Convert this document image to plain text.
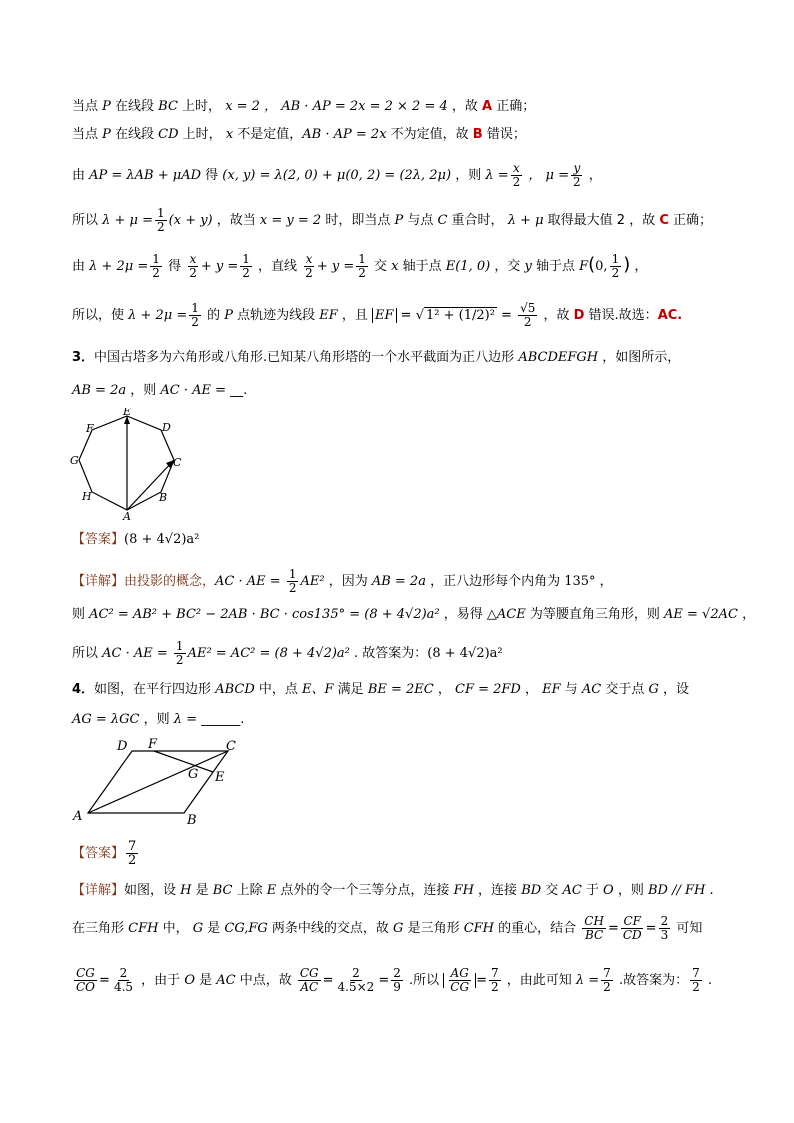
当点 P 在线段 BC 上时， x = 2 ， AB · AP = 2x = 2 × 2 = 4 ，故 A 正确；
当点 P 在线段 CD 上时， x 不是定值，AB · AP = 2x 不为定值，故 B 错误；
由 AP = λAB + μAD 得 (x, y) = λ(2, 0) + μ(0, 2) = (2λ, 2μ) ，则 $\lambda = \frac{x}{2}$ ， $\mu = \frac{y}{2}$ ，
所以 $\lambda + \mu = \frac{1}{2} (x + y)$ ，故当 x = y = 2 时，即当点 P 与点 C 重合时， λ + μ 取得最大值 2 ，故 C 正确；
由 $\lambda + 2\mu = \frac{1}{2}$ 得 $\frac{x}{2} + y = \frac{1}{2}$ ，直线 $\frac{x}{2} + y = \frac{1}{2}$ 交 x 轴于点 E(1, 0) ，交 y 轴于点 F(0, $\frac{1}{2}$ ) ，
所以，使 $\lambda + 2\mu = \frac{1}{2}$ 的 P 点轨迹为线段 EF ，且 EF = √ $1^2 + (1/2)^2 = \frac{√5}{2}$ ，故 D 错误.故选：AC.
3．中国古塔多为六角形或八角形.已知某八角形塔的一个水平截面为正八边形 ABCDEFGH ，如图所示，
AB = 2a ，则 AC · AE = __.
E
D
C
B
A
H
G
F
【答案】(8 + 4√2)a²
【详解】由投影的概念，AC · AE = $\frac{1}{2} AE^2$ ，因为 AB = 2a ，正八边形每个内角为 135° ，
则 AC² = AB² + BC² − 2AB · BC · cos135° = (8 + 4√2)a² ，易得 △ACE 为等腰直角三角形，则 AE = √2AC ，
所以 AC · AE = $\frac{1}{2} AE^2 = AC^2 = (8 + 4√2)a^2$ . 故答案为：(8 + 4√2)a²
4．如图，在平行四边形 ABCD 中，点 E、F 满足 BE = 2EC ， CF = 2FD ， EF 与 AC 交于点 G ，设
AG = λGC ，则 λ = ______.
D F	C
G E
A	B
【答案】 $\frac{7}{2}$
【详解】如图，设 H 是 BC 上除 E 点外的令一个三等分点，连接 FH ，连接 BD 交 AC 于 O ，则 BD // FH .
在三角形 CFH 中， G 是 CG,FG 两条中线的交点，故 G 是三角形 CFH 的重心，结合 $\frac{CH}{BC} = \frac{CF}{CD} = \frac{2}{3}$ 可知
$\frac{CG}{CO} = \frac{2}{4.5}$ ，由于 O 是 AC 中点，故 $\frac{CG}{AC} = \frac{2}{4.5\times 2} = \frac{2}{9}$ .所以 $\frac{AG}{CG} = \frac{7}{2}$ ，由此可知 $\lambda = \frac{7}{2}$ .故答案为： $\frac{7}{2}$ .
